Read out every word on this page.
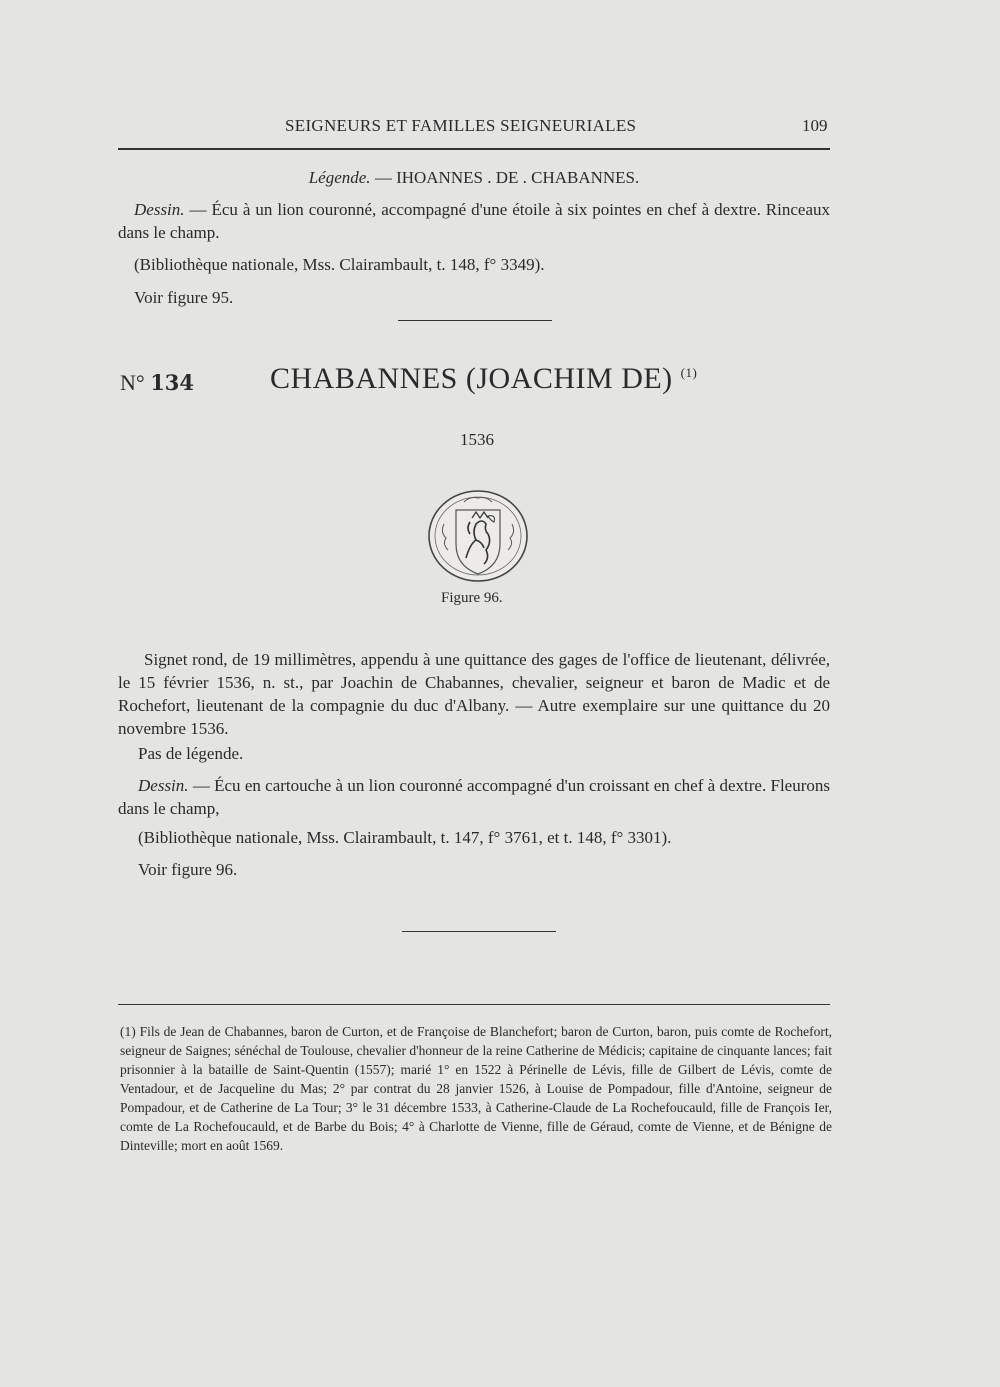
SEIGNEURS ET FAMILLES SEIGNEURIALES	109
Légende. — IHOANNES . DE . CHABANNES.
Dessin. — Écu à un lion couronné, accompagné d'une étoile à six pointes en chef à dextre. Rinceaux dans le champ.
(Bibliothèque nationale, Mss. Clairambault, t. 148, f° 3349).
Voir figure 95.
N° 134	CHABANNES (JOACHIM DE) $^{(1)}$
1536
Figure 96.
Signet rond, de 19 millimètres, appendu à une quittance des gages de l'office de lieutenant, délivrée, le 15 février 1536, n. st., par Joachin de Chabannes, chevalier, seigneur et baron de Madic et de Rochefort, lieutenant de la compagnie du duc d'Albany. — Autre exemplaire sur une quittance du 20 novembre 1536.
Pas de légende.
Dessin. — Écu en cartouche à un lion couronné accompagné d'un croissant en chef à dextre. Fleurons dans le champ,
(Bibliothèque nationale, Mss. Clairambault, t. 147, f° 3761, et t. 148, f° 3301).
Voir figure 96.
(1) Fils de Jean de Chabannes, baron de Curton, et de Françoise de Blanchefort; baron de Curton, baron, puis comte de Rochefort, seigneur de Saignes; sénéchal de Toulouse, chevalier d'honneur de la reine Catherine de Médicis; capitaine de cinquante lances; fait prisonnier à la bataille de Saint-Quentin (1557); marié 1° en 1522 à Périnelle de Lévis, fille de Gilbert de Lévis, comte de Ventadour, et de Jacqueline du Mas; 2° par contrat du 28 janvier 1526, à Louise de Pompadour, fille d'Antoine, seigneur de Pompadour, et de Catherine de La Tour; 3° le 31 décembre 1533, à Catherine-Claude de La Rochefoucauld, fille de François Ier, comte de La Rochefoucauld, et de Barbe du Bois; 4° à Charlotte de Vienne, fille de Géraud, comte de Vienne, et de Bénigne de Dinteville; mort en août 1569.
